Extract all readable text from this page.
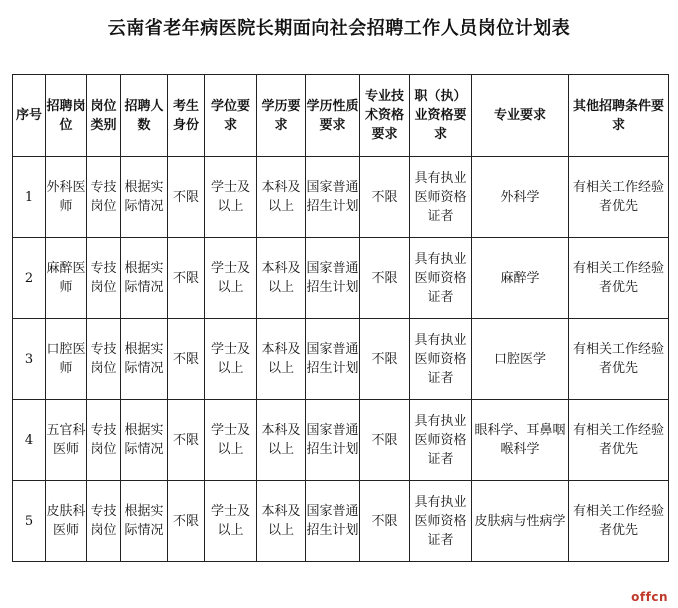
云南省老年病医院长期面向社会招聘工作人员岗位计划表
序号	招聘岗位	岗位类别	招聘人数	考生身份	学位要求	学历要求	学历性质要求	专业技术资格要求	职（执）业资格要求	专业要求	其他招聘条件要求
1	外科医师	专技岗位	根据实际情况	不限	学士及以上	本科及以上	国家普通招生计划	不限	具有执业医师资格证者	外科学	有相关工作经验者优先
2	麻醉医师	专技岗位	根据实际情况	不限	学士及以上	本科及以上	国家普通招生计划	不限	具有执业医师资格证者	麻醉学	有相关工作经验者优先
3	口腔医师	专技岗位	根据实际情况	不限	学士及以上	本科及以上	国家普通招生计划	不限	具有执业医师资格证者	口腔医学	有相关工作经验者优先
4	五官科医师	专技岗位	根据实际情况	不限	学士及以上	本科及以上	国家普通招生计划	不限	具有执业医师资格证者	眼科学、耳鼻咽喉科学	有相关工作经验者优先
5	皮肤科医师	专技岗位	根据实际情况	不限	学士及以上	本科及以上	国家普通招生计划	不限	具有执业医师资格证者	皮肤病与性病学	有相关工作经验者优先
offcn
